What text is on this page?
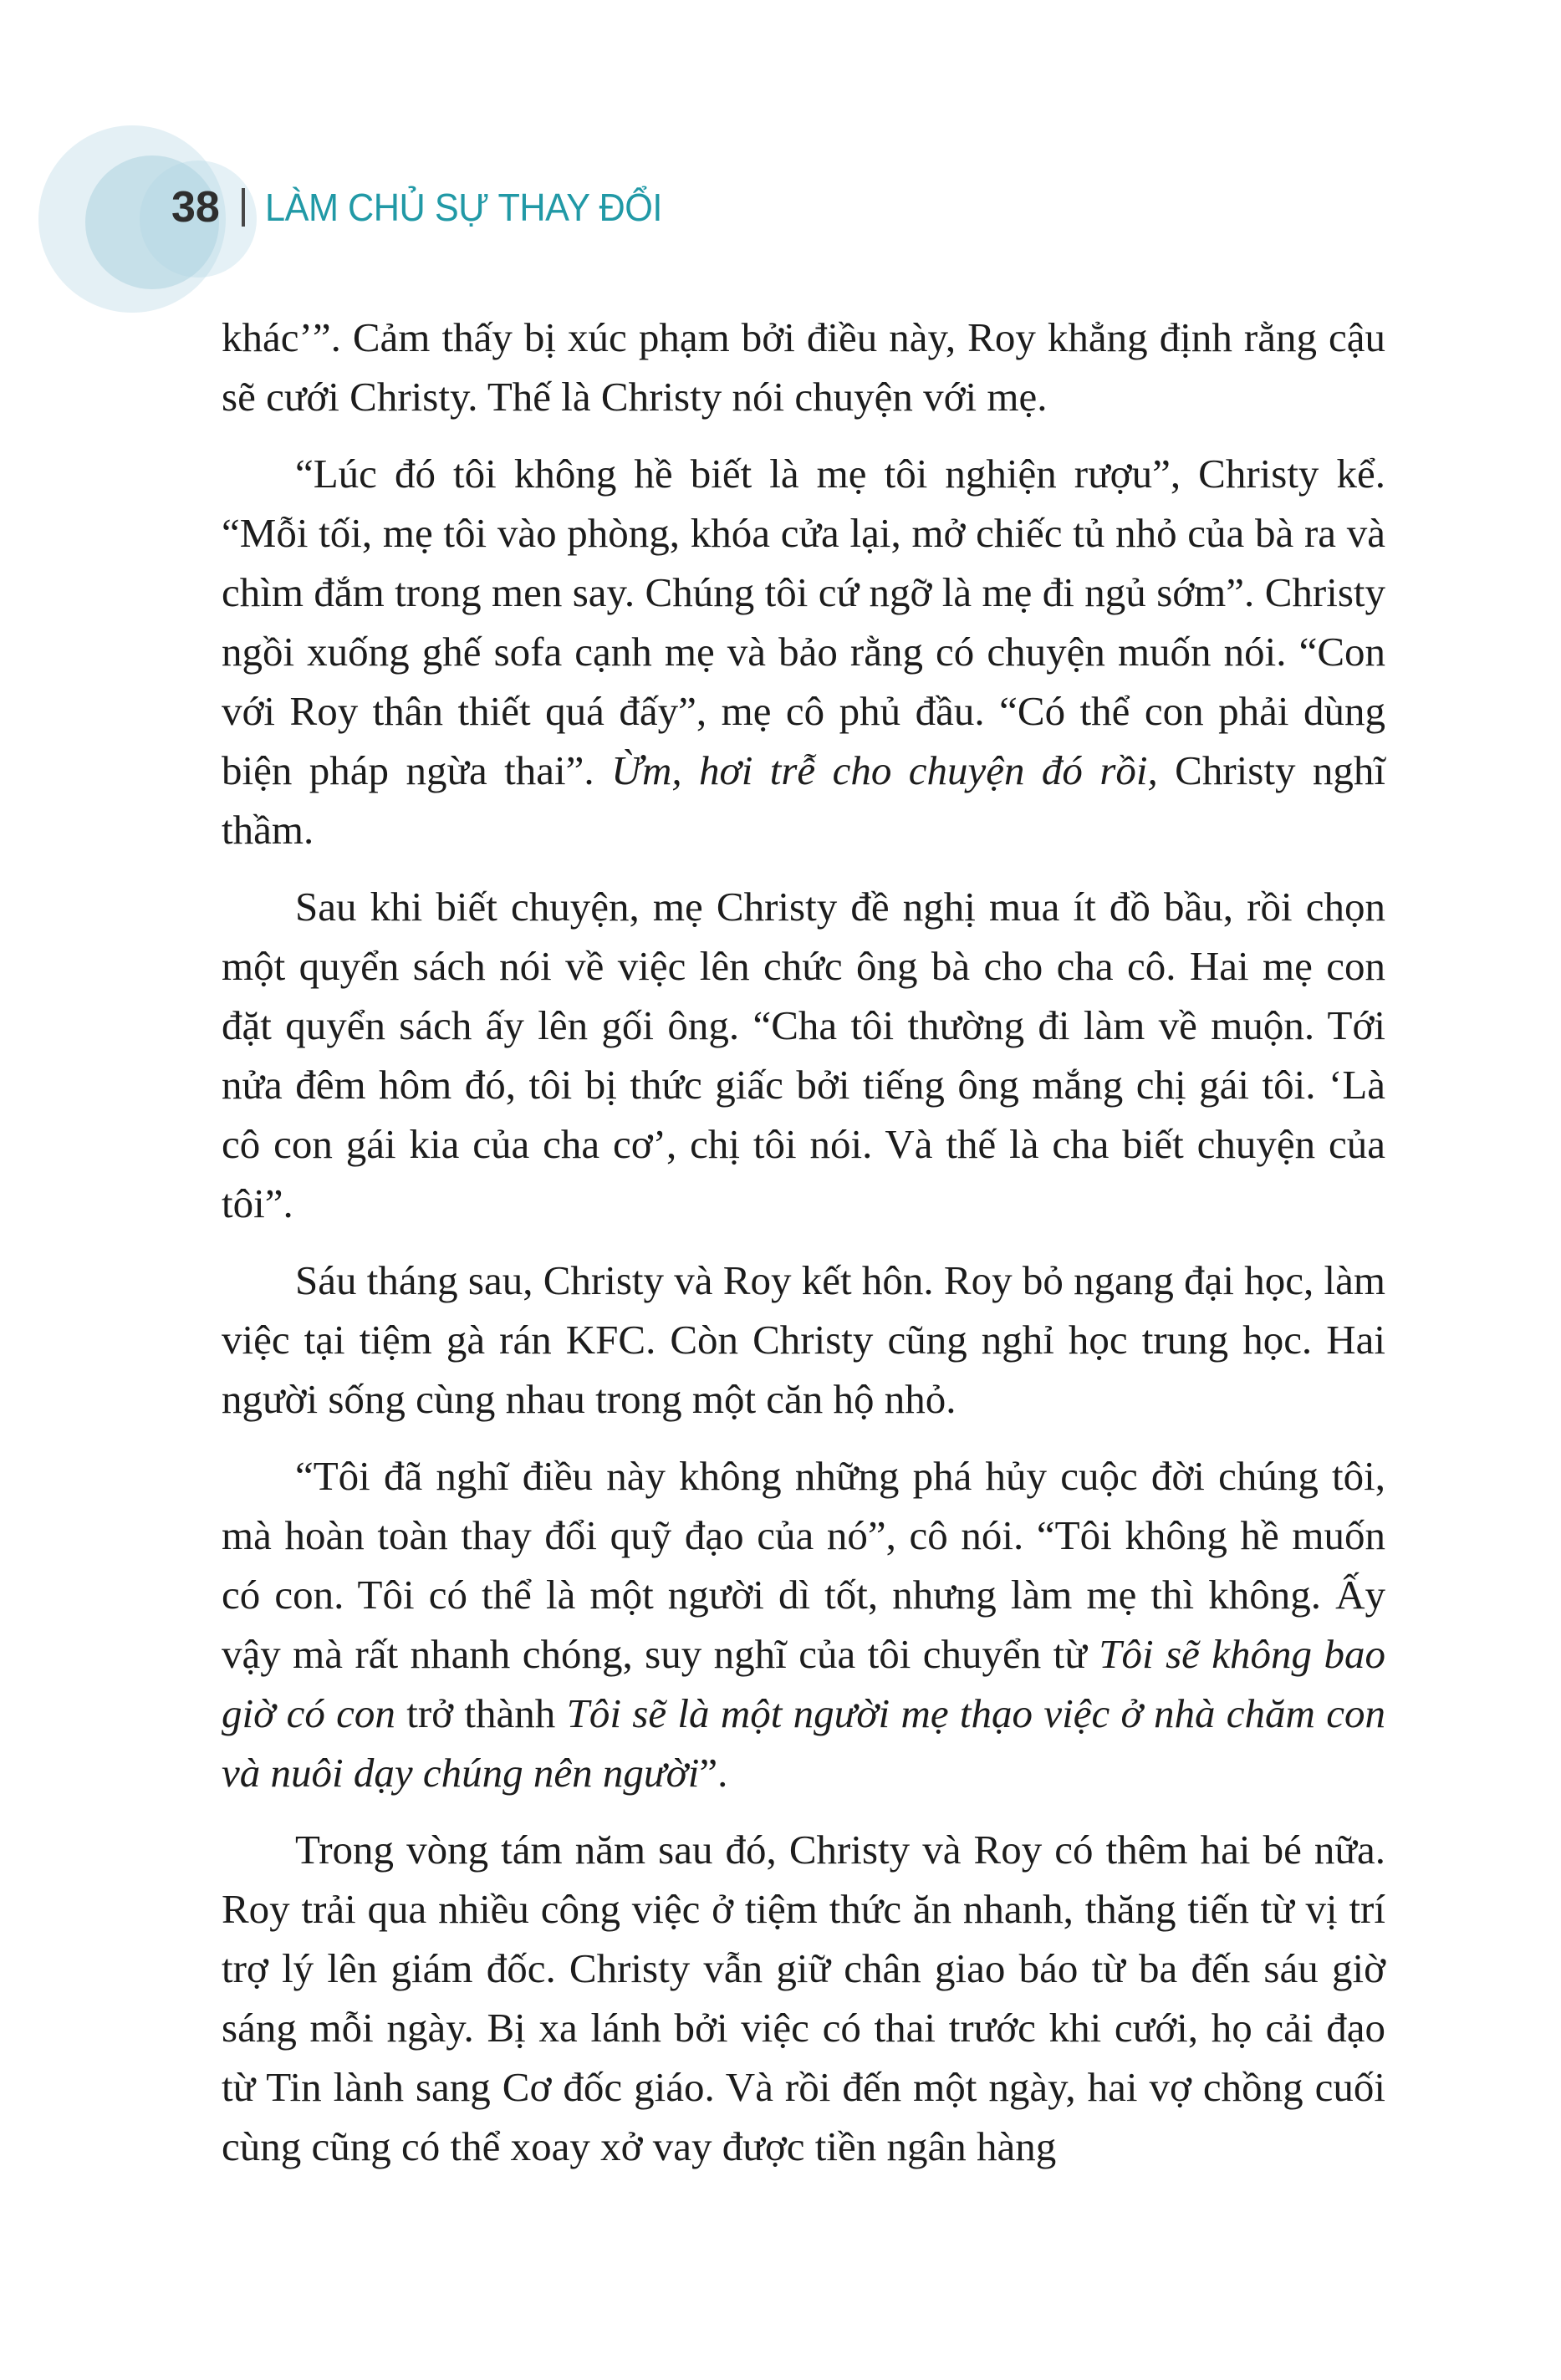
38 LÀM CHỦ SỰ THAY ĐỔI

khác’”. Cảm thấy bị xúc phạm bởi điều này, Roy khẳng định rằng cậu sẽ cưới Christy. Thế là Christy nói chuyện với mẹ.

“Lúc đó tôi không hề biết là mẹ tôi nghiện rượu”, Christy kể. “Mỗi tối, mẹ tôi vào phòng, khóa cửa lại, mở chiếc tủ nhỏ của bà ra và chìm đắm trong men say. Chúng tôi cứ ngỡ là mẹ đi ngủ sớm”. Christy ngồi xuống ghế sofa cạnh mẹ và bảo rằng có chuyện muốn nói. “Con với Roy thân thiết quá đấy”, mẹ cô phủ đầu. “Có thể con phải dùng biện pháp ngừa thai”. Ừm, hơi trễ cho chuyện đó rồi, Christy nghĩ thầm.

Sau khi biết chuyện, mẹ Christy đề nghị mua ít đồ bầu, rồi chọn một quyển sách nói về việc lên chức ông bà cho cha cô. Hai mẹ con đặt quyển sách ấy lên gối ông. “Cha tôi thường đi làm về muộn. Tới nửa đêm hôm đó, tôi bị thức giấc bởi tiếng ông mắng chị gái tôi. ‘Là cô con gái kia của cha cơ’, chị tôi nói. Và thế là cha biết chuyện của tôi”.

Sáu tháng sau, Christy và Roy kết hôn. Roy bỏ ngang đại học, làm việc tại tiệm gà rán KFC. Còn Christy cũng nghỉ học trung học. Hai người sống cùng nhau trong một căn hộ nhỏ.

“Tôi đã nghĩ điều này không những phá hủy cuộc đời chúng tôi, mà hoàn toàn thay đổi quỹ đạo của nó”, cô nói. “Tôi không hề muốn có con. Tôi có thể là một người dì tốt, nhưng làm mẹ thì không. Ấy vậy mà rất nhanh chóng, suy nghĩ của tôi chuyển từ Tôi sẽ không bao giờ có con trở thành Tôi sẽ là một người mẹ thạo việc ở nhà chăm con và nuôi dạy chúng nên người”.

Trong vòng tám năm sau đó, Christy và Roy có thêm hai bé nữa. Roy trải qua nhiều công việc ở tiệm thức ăn nhanh, thăng tiến từ vị trí trợ lý lên giám đốc. Christy vẫn giữ chân giao báo từ ba đến sáu giờ sáng mỗi ngày. Bị xa lánh bởi việc có thai trước khi cưới, họ cải đạo từ Tin lành sang Cơ đốc giáo. Và rồi đến một ngày, hai vợ chồng cuối cùng cũng có thể xoay xở vay được tiền ngân hàng
